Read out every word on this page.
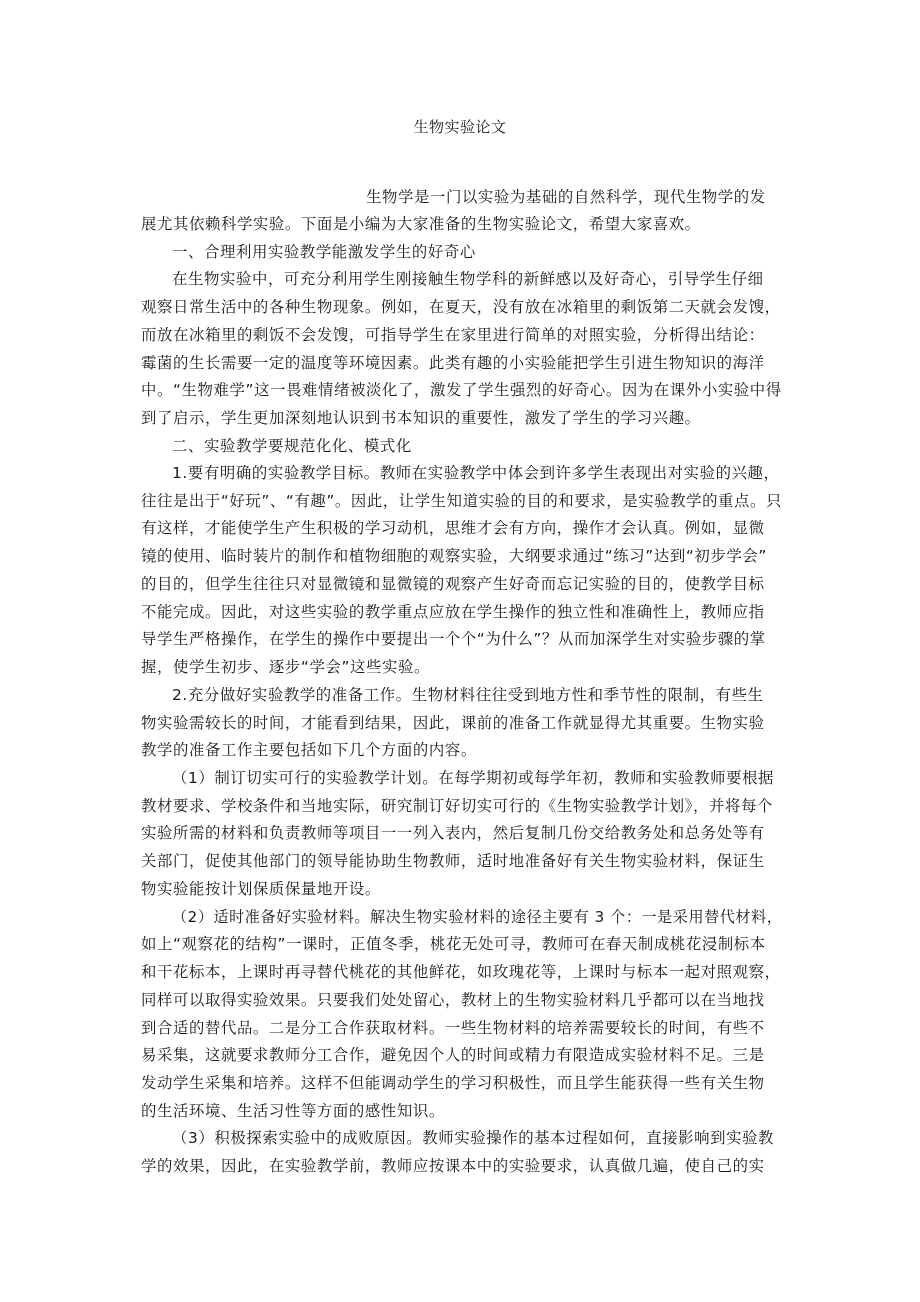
生物实验论文
生物学是一门以实验为基础的自然科学，现代生物学的发
展尤其依赖科学实验。下面是小编为大家准备的生物实验论文，希望大家喜欢。
一、合理利用实验教学能激发学生的好奇心
在生物实验中，可充分利用学生刚接触生物学科的新鲜感以及好奇心，引导学生仔细
观察日常生活中的各种生物现象。例如，在夏天，没有放在冰箱里的剩饭第二天就会发馊，
而放在冰箱里的剩饭不会发馊，可指导学生在家里进行简单的对照实验，分析得出结论：
霉菌的生长需要一定的温度等环境因素。此类有趣的小实验能把学生引进生物知识的海洋
中。“生物难学”这一畏难情绪被淡化了，激发了学生强烈的好奇心。因为在课外小实验中得
到了启示，学生更加深刻地认识到书本知识的重要性，激发了学生的学习兴趣。
二、实验教学要规范化化、模式化
1.要有明确的实验教学目标。教师在实验教学中体会到许多学生表现出对实验的兴趣，
往往是出于“好玩”、“有趣”。因此，让学生知道实验的目的和要求，是实验教学的重点。只
有这样，才能使学生产生积极的学习动机，思维才会有方向，操作才会认真。例如，显微
镜的使用、临时装片的制作和植物细胞的观察实验，大纲要求通过“练习”达到“初步学会”
的目的，但学生往往只对显微镜和显微镜的观察产生好奇而忘记实验的目的，使教学目标
不能完成。因此，对这些实验的教学重点应放在学生操作的独立性和准确性上，教师应指
导学生严格操作，在学生的操作中要提出一个个“为什么”？从而加深学生对实验步骤的掌
握，使学生初步、逐步“学会”这些实验。
2.充分做好实验教学的准备工作。生物材料往往受到地方性和季节性的限制，有些生
物实验需较长的时间，才能看到结果，因此，课前的准备工作就显得尤其重要。生物实验
教学的准备工作主要包括如下几个方面的内容。
（1）制订切实可行的实验教学计划。在每学期初或每学年初，教师和实验教师要根据
教材要求、学校条件和当地实际，研究制订好切实可行的《生物实验教学计划》，并将每个
实验所需的材料和负责教师等项目一一列入表内，然后复制几份交给教务处和总务处等有
关部门，促使其他部门的领导能协助生物教师，适时地准备好有关生物实验材料，保证生
物实验能按计划保质保量地开设。
（2）适时准备好实验材料。解决生物实验材料的途径主要有 3 个：一是采用替代材料，
如上“观察花的结构”一课时，正值冬季，桃花无处可寻，教师可在春天制成桃花浸制标本
和干花标本，上课时再寻替代桃花的其他鲜花，如玫瑰花等，上课时与标本一起对照观察，
同样可以取得实验效果。只要我们处处留心，教材上的生物实验材料几乎都可以在当地找
到合适的替代品。二是分工合作获取材料。一些生物材料的培养需要较长的时间，有些不
易采集，这就要求教师分工合作，避免因个人的时间或精力有限造成实验材料不足。三是
发动学生采集和培养。这样不但能调动学生的学习积极性，而且学生能获得一些有关生物
的生活环境、生活习性等方面的感性知识。
（3）积极探索实验中的成败原因。教师实验操作的基本过程如何，直接影响到实验教
学的效果，因此，在实验教学前，教师应按课本中的实验要求，认真做几遍，使自己的实
